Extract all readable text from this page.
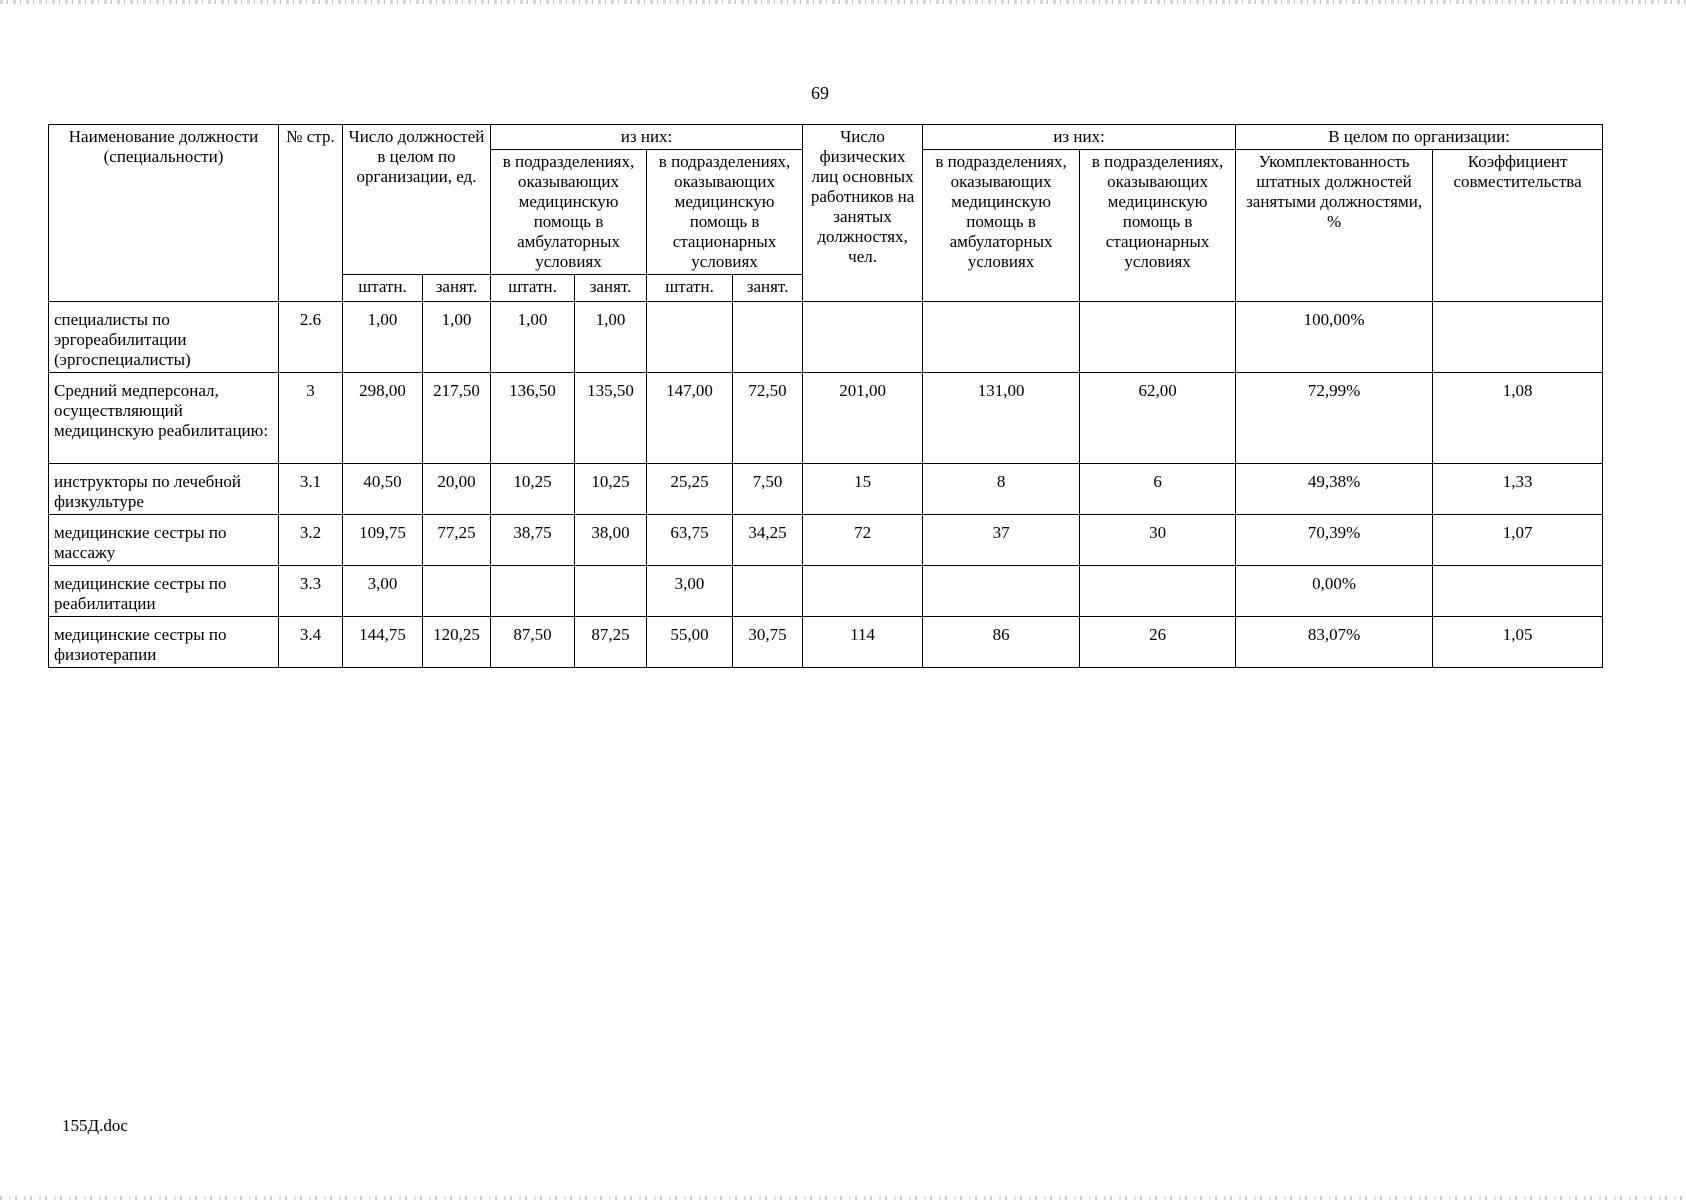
69
Наименование должности (специальности)	№ стр.	Число должностей в целом по организации, ед.		из них:				Число физических лиц основных работников на занятых должностях, чел.	из них:		В целом по организации:	
				в подразделениях, оказывающих медицинскую помощь в амбулаторных условиях		в подразделениях, оказывающих медицинскую помощь в стационарных условиях			в подразделениях, оказывающих медицинскую помощь в амбулаторных условиях	в подразделениях, оказывающих медицинскую помощь в стационарных условиях	Укомплектованность штатных должностей занятыми должностями, %	Коэффициент совместительства
		штатн.	занят.	штатн.	занят.	штатн.	занят.					
специалисты по эргореабилитации (эргоспециалисты)	2.6	1,00	1,00	1,00	1,00						100,00%	
Средний медперсонал, осуществляющий медицинскую реабилитацию:	3	298,00	217,50	136,50	135,50	147,00	72,50	201,00	131,00	62,00	72,99%	1,08
инструкторы по лечебной физкультуре	3.1	40,50	20,00	10,25	10,25	25,25	7,50	15	8	6	49,38%	1,33
медицинские сестры по массажу	3.2	109,75	77,25	38,75	38,00	63,75	34,25	72	37	30	70,39%	1,07
медицинские сестры по реабилитации	3.3	3,00				3,00					0,00%	
медицинские сестры по физиотерапии	3.4	144,75	120,25	87,50	87,25	55,00	30,75	114	86	26	83,07%	1,05
155Д.doc
